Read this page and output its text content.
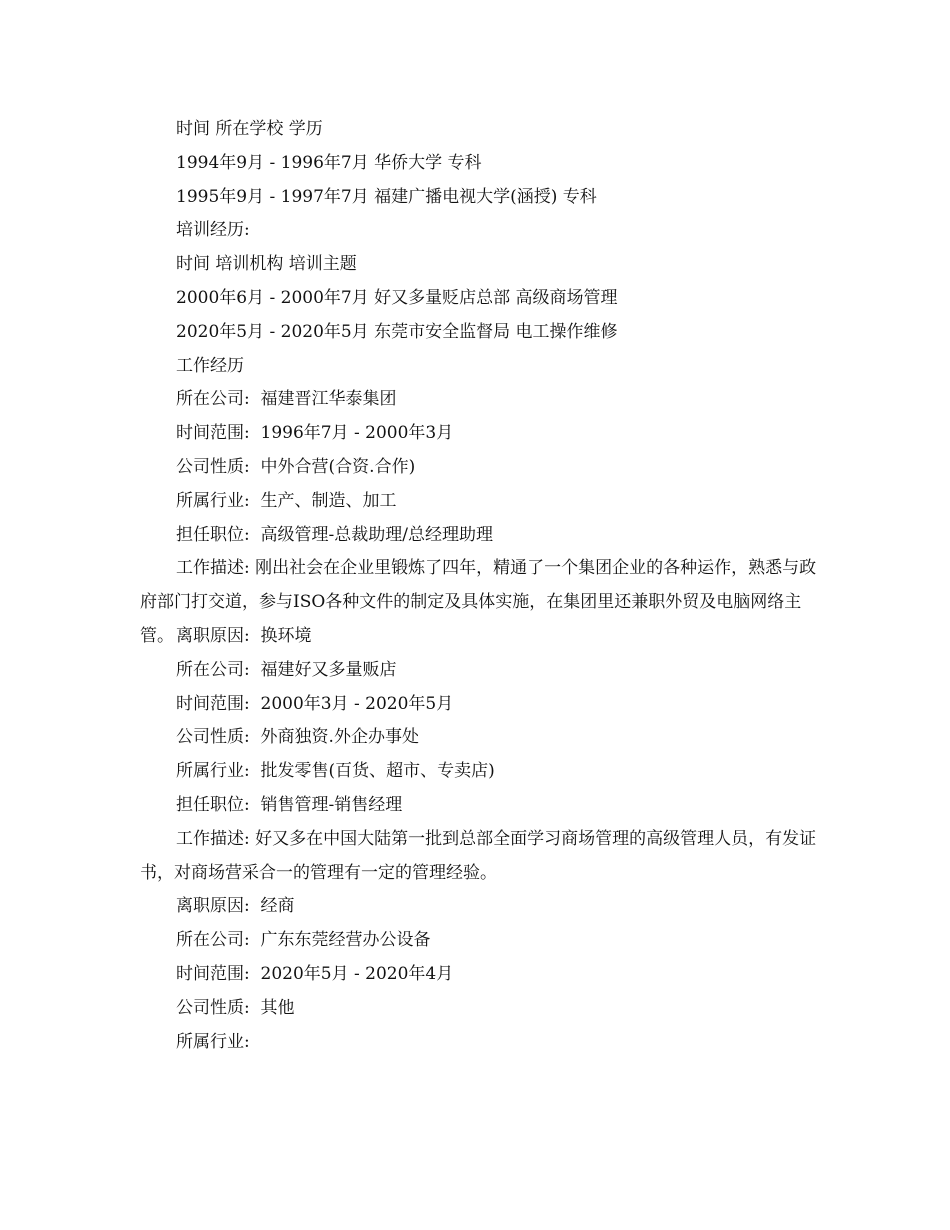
时间 所在学校 学历
1994年9月 - 1996年7月 华侨大学 专科
1995年9月 - 1997年7月 福建广播电视大学(涵授) 专科
培训经历:
时间 培训机构 培训主题
2000年6月 - 2000年7月 好又多量贬店总部 高级商场管理
2020年5月 - 2020年5月 东莞市安全监督局 电工操作维修
工作经历
所在公司:  福建晋江华泰集团
时间范围:  1996年7月 - 2000年3月
公司性质:  中外合营(合资.合作)
所属行业:  生产、制造、加工
担任职位:  高级管理-总裁助理/总经理助理
工作描述: 刚出社会在企业里锻炼了四年，精通了一个集团企业的各种运作，熟悉与政府部门打交道，参与ISO各种文件的制定及具体实施，在集团里还兼职外贸及电脑网络主管。 离职原因:  换环境
所在公司:  福建好又多量贩店
时间范围:  2000年3月 - 2020年5月
公司性质:  外商独资.外企办事处
所属行业:  批发零售(百货、超市、专卖店)
担任职位:  销售管理-销售经理
工作描述: 好又多在中国大陆第一批到总部全面学习商场管理的高级管理人员，有发证书，对商场营采合一的管理有一定的管理经验。
离职原因:  经商
所在公司:  广东东莞经营办公设备
时间范围:  2020年5月 - 2020年4月
公司性质:  其他
所属行业:
